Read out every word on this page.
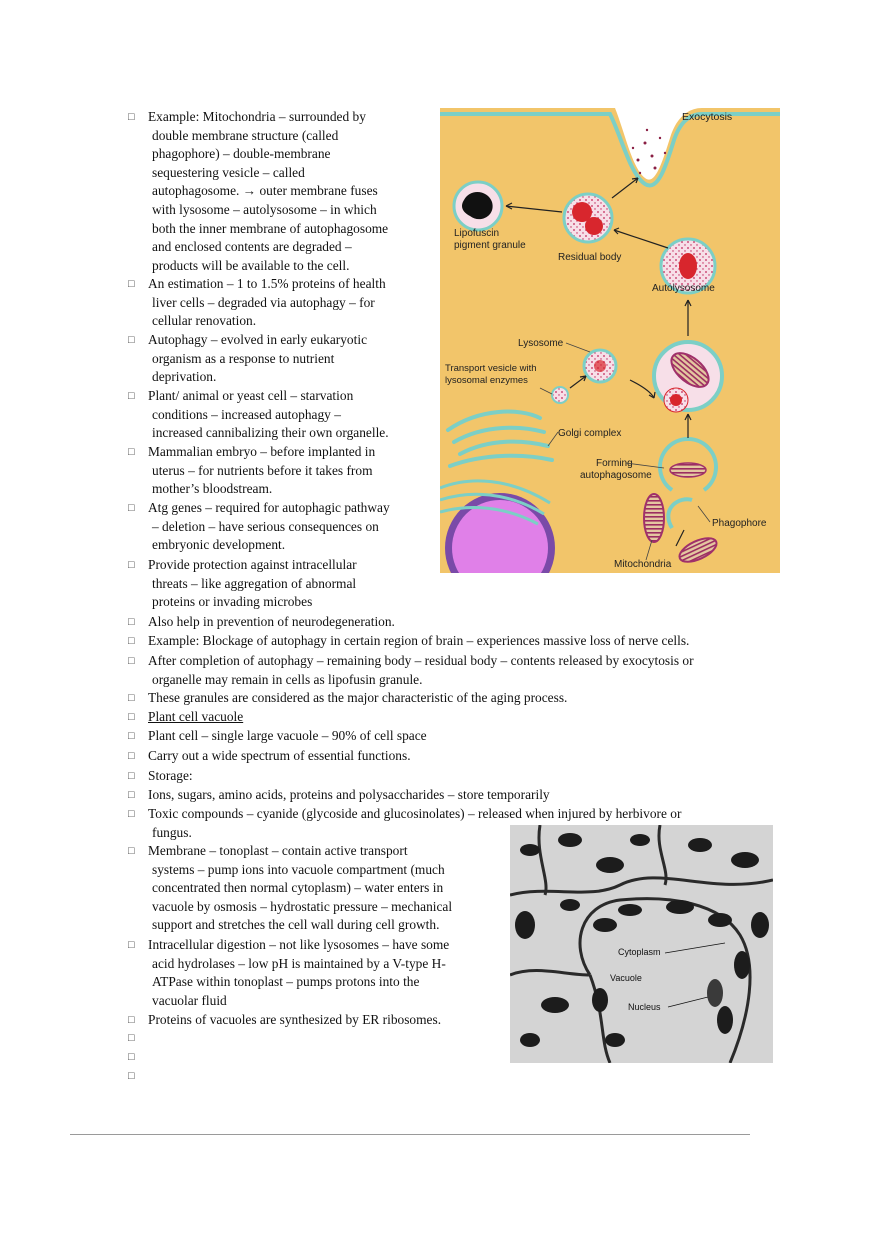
□
Example: Mitochondria – surrounded by
double membrane structure (called
phagophore) – double-membrane
sequestering vesicle – called
autophagosome. → outer membrane fuses
with lysosome – autolysosome – in which
both the inner membrane of autophagosome
and enclosed contents are degraded –
products will be available to the cell.
□
An estimation – 1 to 1.5% proteins of health
liver cells – degraded via autophagy – for
cellular renovation.
□
Autophagy – evolved in early eukaryotic
organism as a response to nutrient
deprivation.
□
Plant/ animal or yeast cell – starvation
conditions – increased autophagy –
increased cannibalizing their own organelle.
□
Mammalian embryo – before implanted in
uterus – for nutrients before it takes from
mother’s bloodstream.
□
Atg genes – required for autophagic pathway
– deletion – have serious consequences on
embryonic development.
□
Provide protection against intracellular
threats – like aggregation of abnormal
proteins or invading microbes
□
Also help in prevention of neurodegeneration.
□
Example: Blockage of autophagy in certain region of brain – experiences massive loss of nerve cells.
□
After completion of autophagy – remaining body – residual body – contents released by exocytosis or
organelle may remain in cells as lipofusin granule.
□
These granules are considered as the major characteristic of the aging process.
□
Plant cell vacuole
□
Plant cell – single large vacuole – 90% of cell space
□
Carry out a wide spectrum of essential functions.
□
Storage:
□
Ions, sugars, amino acids, proteins and polysaccharides – store temporarily
□
Toxic compounds – cyanide (glycoside and glucosinolates) – released when injured by herbivore or
fungus.
□
Membrane – tonoplast – contain active transport
systems – pump ions into vacuole compartment (much
concentrated then normal cytoplasm) – water enters in
vacuole by osmosis – hydrostatic pressure – mechanical
support and stretches the cell wall during cell growth.
□
Intracellular digestion – not like lysosomes – have some
acid hydrolases – low pH is maintained by a V-type H-
ATPase within tonoplast – pumps protons into the
vacuolar fluid
□
Proteins of vacuoles are synthesized by ER ribosomes.
□
□
□
Exocytosis
Lipofuscin
pigment granule
Residual body
Autolysosome
Lysosome
Transport vesicle with
lysosomal enzymes
Golgi complex
Forming
autophagosome
Phagophore
Mitochondria
Cytoplasm
Vacuole
Nucleus
